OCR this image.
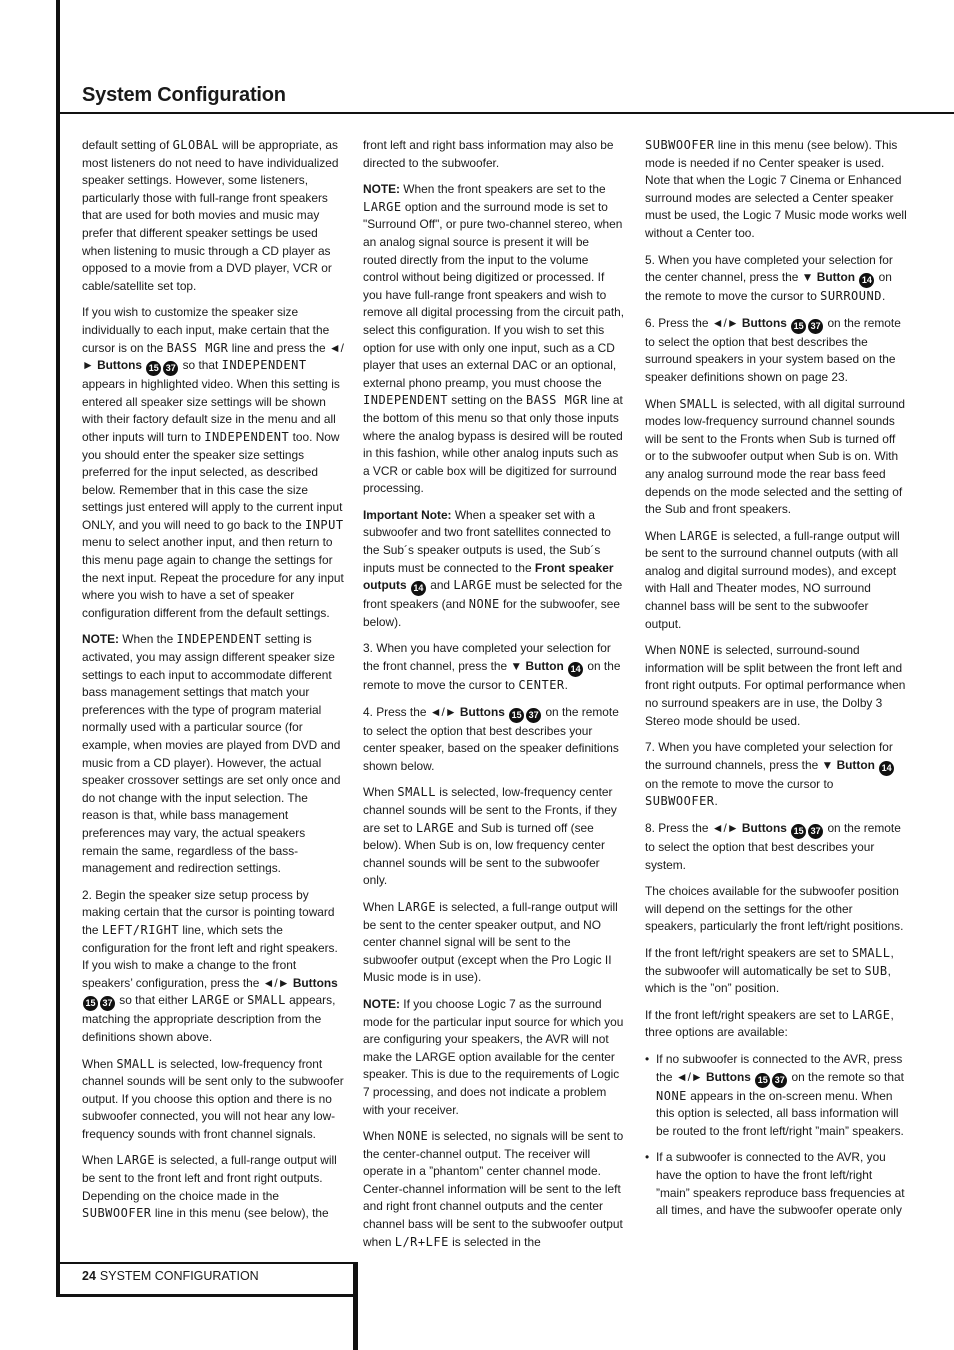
System Configuration

default setting of GLOBAL will be appropriate, as most listeners do not need to have individualized speaker settings. However, some listeners, particularly those with full-range front speakers that are used for both movies and music may prefer that different speaker settings be used when listening to music through a CD player as opposed to a movie from a DVD player, VCR or cable/satellite set top.

If you wish to customize the speaker size individually to each input, make certain that the cursor is on the BASS MGR line and press the ◄/► Buttons 15 37 so that INDEPENDENT appears in highlighted video. When this setting is entered all speaker size settings will be shown with their factory default size in the menu and all other inputs will turn to INDEPENDENT too. Now you should enter the speaker size settings preferred for the input selected, as described below. Remember that in this case the size settings just entered will apply to the current input ONLY, and you will need to go back to the INPUT menu to select another input, and then return to this menu page again to change the settings for the next input. Repeat the procedure for any input where you wish to have a set of speaker configuration different from the default settings.

NOTE: When the INDEPENDENT setting is activated, you may assign different speaker size settings to each input to accommodate different bass management settings that match your preferences with the type of program material normally used with a particular source (for example, when movies are played from DVD and music from a CD player). However, the actual speaker crossover settings are set only once and do not change with the input selection. The reason is that, while bass management preferences may vary, the actual speakers remain the same, regardless of the bass-management and redirection settings.

2. Begin the speaker size setup process by making certain that the cursor is pointing toward the LEFT/RIGHT line, which sets the configuration for the front left and right speakers. If you wish to make a change to the front speakers’ configuration, press the ◄/► Buttons 15 37 so that either LARGE or SMALL appears, matching the appropriate description from the definitions shown above.

When SMALL is selected, low-frequency front channel sounds will be sent only to the subwoofer output. If you choose this option and there is no subwoofer connected, you will not hear any low-frequency sounds with front channel signals.

When LARGE is selected, a full-range output will be sent to the front left and front right outputs. Depending on the choice made in the SUBWOOFER line in this menu (see below), the

front left and right bass information may also be directed to the subwoofer.

NOTE: When the front speakers are set to the LARGE option and the surround mode is set to "Surround Off", or pure two-channel stereo, when an analog signal source is present it will be routed directly from the input to the volume control without being digitized or processed. If you have full-range front speakers and wish to remove all digital processing from the circuit path, select this configuration. If you wish to set this option for use with only one input, such as a CD player that uses an external DAC or an optional, external phono preamp, you must choose the INDEPENDENT setting on the BASS MGR line at the bottom of this menu so that only those inputs where the analog bypass is desired will be routed in this fashion, while other analog inputs such as a VCR or cable box will be digitized for surround processing.

Important Note: When a speaker set with a subwoofer and two front satellites connected to the Sub´s speaker outputs is used, the Sub´s inputs must be connected to the Front speaker outputs 14 and LARGE must be selected for the front speakers (and NONE for the subwoofer, see below).

3. When you have completed your selection for the front channel, press the ▼ Button 14 on the remote to move the cursor to CENTER.

4. Press the ◄/► Buttons 15 37 on the remote to select the option that best describes your center speaker, based on the speaker definitions shown below.

When SMALL is selected, low-frequency center channel sounds will be sent to the Fronts, if they are set to LARGE and Sub is turned off (see below). When Sub is on, low frequency center channel sounds will be sent to the subwoofer only.

When LARGE is selected, a full-range output will be sent to the center speaker output, and NO center channel signal will be sent to the subwoofer output (except when the Pro Logic II Music mode is in use).

NOTE: If you choose Logic 7 as the surround mode for the particular input source for which you are configuring your speakers, the AVR will not make the LARGE option available for the center speaker. This is due to the requirements of Logic 7 processing, and does not indicate a problem with your receiver.

When NONE is selected, no signals will be sent to the center-channel output. The receiver will operate in a ”phantom” center channel mode. Center-channel information will be sent to the left and right front channel outputs and the center channel bass will be sent to the subwoofer output when L/R+LFE is selected in the

SUBWOOFER line in this menu (see below). This mode is needed if no Center speaker is used. Note that when the Logic 7 Cinema or Enhanced surround modes are selected a Center speaker must be used, the Logic 7 Music mode works well without a Center too.

5. When you have completed your selection for the center channel, press the ▼ Button 14 on the remote to move the cursor to SURROUND.

6. Press the ◄/► Buttons 15 37 on the remote to select the option that best describes the surround speakers in your system based on the speaker definitions shown on page 23.

When SMALL is selected, with all digital surround modes low-frequency surround channel sounds will be sent to the Fronts when Sub is turned off or to the subwoofer output when Sub is on. With any analog surround mode the rear bass feed depends on the mode selected and the setting of the Sub and front speakers.

When LARGE is selected, a full-range output will be sent to the surround channel outputs (with all analog and digital surround modes), and except with Hall and Theater modes, NO surround channel bass will be sent to the subwoofer output.

When NONE is selected, surround-sound information will be split between the front left and front right outputs. For optimal performance when no surround speakers are in use, the Dolby 3 Stereo mode should be used.

7. When you have completed your selection for the surround channels, press the ▼ Button 14 on the remote to move the cursor to SUBWOOFER.

8. Press the ◄/► Buttons 15 37 on the remote to select the option that best describes your system.

The choices available for the subwoofer position will depend on the settings for the other speakers, particularly the front left/right positions.

If the front left/right speakers are set to SMALL, the subwoofer will automatically be set to SUB, which is the ”on” position.

If the front left/right speakers are set to LARGE, three options are available:

• If no subwoofer is connected to the AVR, press the ◄/► Buttons 15 37 on the remote so that NONE appears in the on-screen menu. When this option is selected, all bass information will be routed to the front left/right ”main” speakers.

• If a subwoofer is connected to the AVR, you have the option to have the front left/right ”main” speakers reproduce bass frequencies at all times, and have the subwoofer operate only

24 SYSTEM CONFIGURATION
